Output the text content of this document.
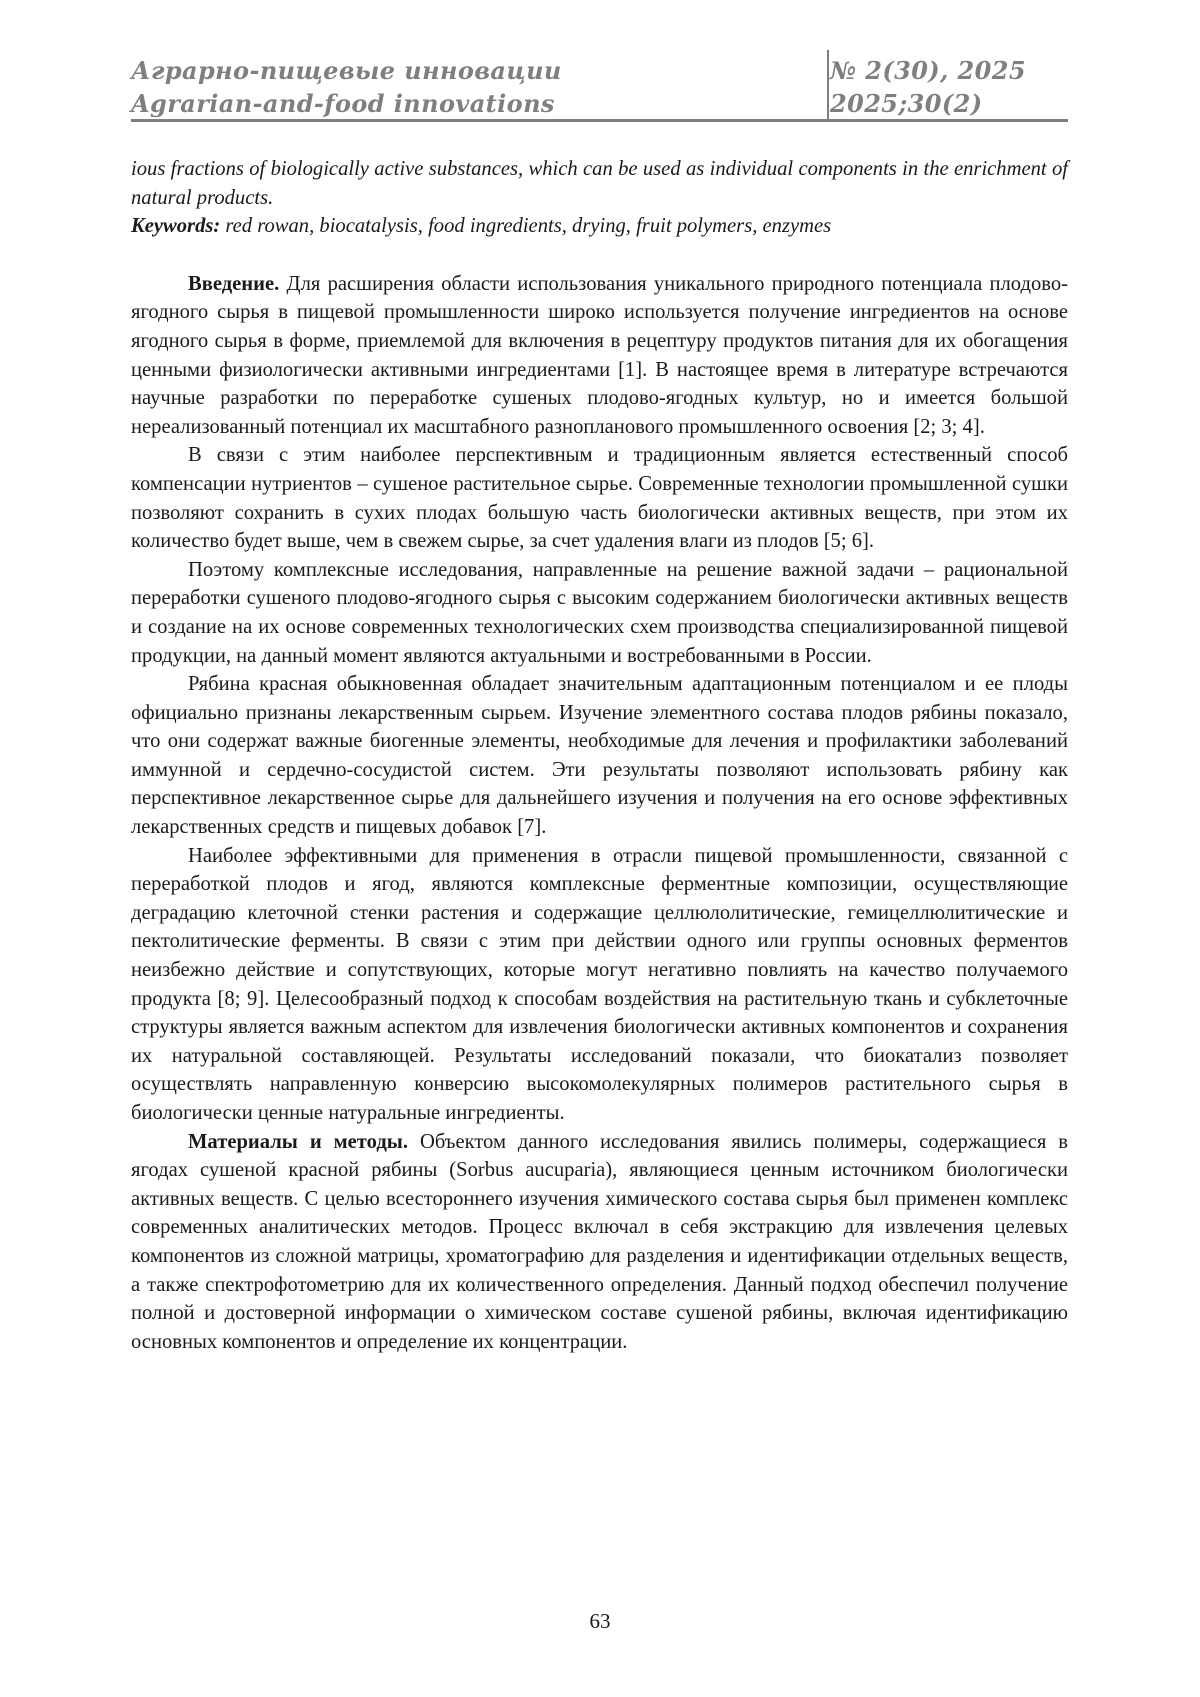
Аграрно-пищевые инновации
Agrarian-and-food innovations
№ 2(30), 2025
2025;30(2)

ious fractions of biologically active substances, which can be used as individual components in the enrichment of natural products.

Keywords: red rowan, biocatalysis, food ingredients, drying, fruit polymers, enzymes

Введение. Для расширения области использования уникального природного потенциала плодово-ягодного сырья в пищевой промышленности широко используется получение ингредиентов на основе ягодного сырья в форме, приемлемой для включения в рецептуру продуктов питания для их обогащения ценными физиологически активными ингредиентами [1]. В настоящее время в литературе встречаются научные разработки по переработке сушеных плодово-ягодных культур, но и имеется большой нереализованный потенциал их масштабного разнопланового промышленного освоения [2; 3; 4].

В связи с этим наиболее перспективным и традиционным является естественный способ компенсации нутриентов – сушеное растительное сырье. Современные технологии промышленной сушки позволяют сохранить в сухих плодах большую часть биологически активных веществ, при этом их количество будет выше, чем в свежем сырье, за счет удаления влаги из плодов [5; 6].

Поэтому комплексные исследования, направленные на решение важной задачи – рациональной переработки сушеного плодово-ягодного сырья с высоким содержанием биологически активных веществ и создание на их основе современных технологических схем производства специализированной пищевой продукции, на данный момент являются актуальными и востребованными в России.

Рябина красная обыкновенная обладает значительным адаптационным потенциалом и ее плоды официально признаны лекарственным сырьем. Изучение элементного состава плодов рябины показало, что они содержат важные биогенные элементы, необходимые для лечения и профилактики заболеваний иммунной и сердечно-сосудистой систем. Эти результаты позволяют использовать рябину как перспективное лекарственное сырье для дальнейшего изучения и получения на его основе эффективных лекарственных средств и пищевых добавок [7].

Наиболее эффективными для применения в отрасли пищевой промышленности, связанной с переработкой плодов и ягод, являются комплексные ферментные композиции, осуществляющие деградацию клеточной стенки растения и содержащие целлюлолитические, гемицеллюлитические и пектолитические ферменты. В связи с этим при действии одного или группы основных ферментов неизбежно действие и сопутствующих, которые могут негативно повлиять на качество получаемого продукта [8; 9]. Целесообразный подход к способам воздействия на растительную ткань и субклеточные структуры является важным аспектом для извлечения биологически активных компонентов и сохранения их натуральной составляющей. Результаты исследований показали, что биокатализ позволяет осуществлять направленную конверсию высокомолекулярных полимеров растительного сырья в биологически ценные натуральные ингредиенты.

Материалы и методы. Объектом данного исследования явились полимеры, содержащиеся в ягодах сушеной красной рябины (Sorbus aucuparia), являющиеся ценным источником биологически активных веществ. С целью всестороннего изучения химического состава сырья был применен комплекс современных аналитических методов. Процесс включал в себя экстракцию для извлечения целевых компонентов из сложной матрицы, хроматографию для разделения и идентификации отдельных веществ, а также спектрофотометрию для их количественного определения. Данный подход обеспечил получение полной и достоверной информации о химическом составе сушеной рябины, включая идентификацию основных компонентов и определение их концентрации.

63
